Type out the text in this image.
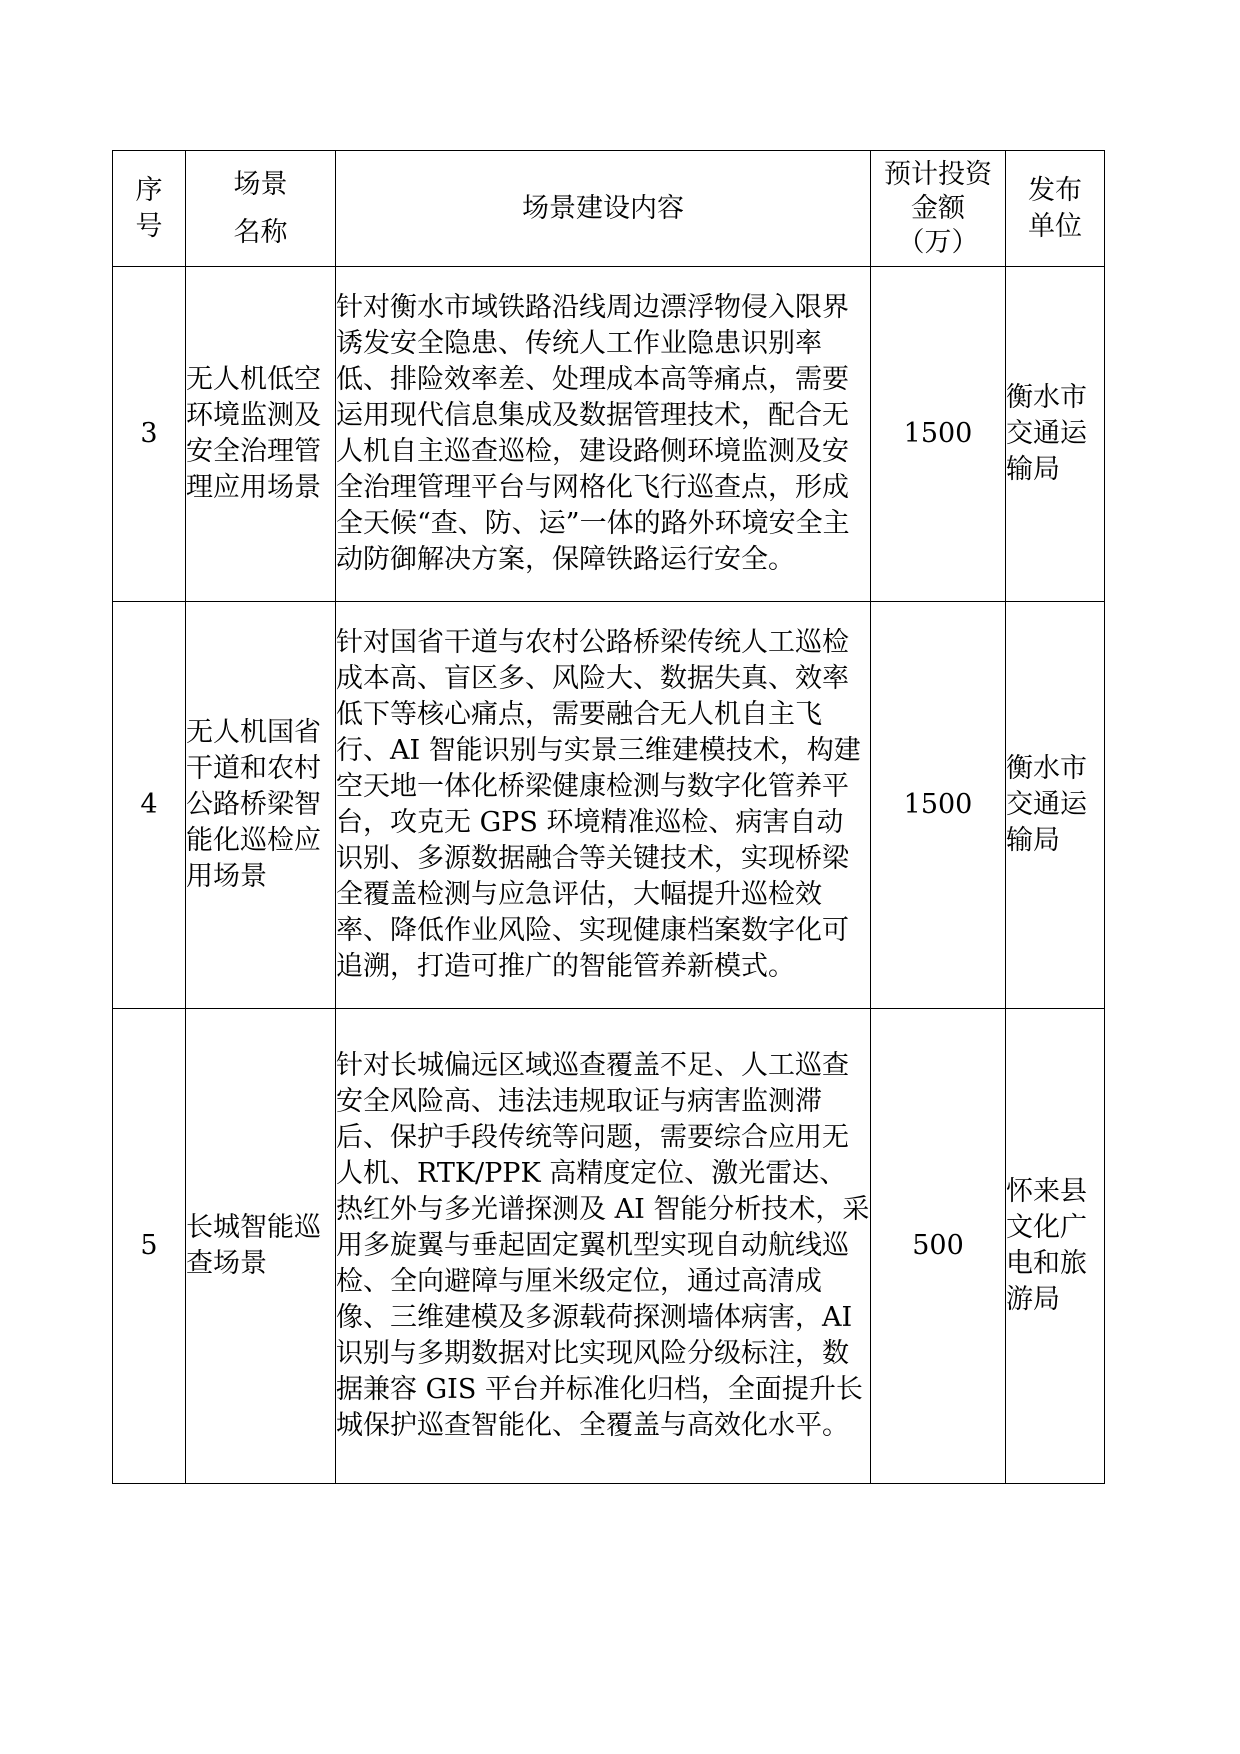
序号	场景名称	场景建设内容	预计投资金额（万）	发布单位

3	无人机低空环境监测及安全治理管理应用场景	针对衡水市域铁路沿线周边漂浮物侵入限界诱发安全隐患、传统人工作业隐患识别率低、排险效率差、处理成本高等痛点，需要运用现代信息集成及数据管理技术，配合无人机自主巡查巡检，建设路侧环境监测及安全治理管理平台与网格化飞行巡查点，形成全天候“查、防、运”一体的路外环境安全主动防御解决方案，保障铁路运行安全。	1500	衡水市交通运输局

4	无人机国省干道和农村公路桥梁智能化巡检应用场景	针对国省干道与农村公路桥梁传统人工巡检成本高、盲区多、风险大、数据失真、效率低下等核心痛点，需要融合无人机自主飞行、AI 智能识别与实景三维建模技术，构建空天地一体化桥梁健康检测与数字化管养平台，攻克无 GPS 环境精准巡检、病害自动识别、多源数据融合等关键技术，实现桥梁全覆盖检测与应急评估，大幅提升巡检效率、降低作业风险、实现健康档案数字化可追溯，打造可推广的智能管养新模式。	1500	衡水市交通运输局

5	长城智能巡查场景	针对长城偏远区域巡查覆盖不足、人工巡查安全风险高、违法违规取证与病害监测滞后、保护手段传统等问题，需要综合应用无人机、RTK/PPK 高精度定位、激光雷达、热红外与多光谱探测及 AI 智能分析技术，采用多旋翼与垂起固定翼机型实现自动航线巡检、全向避障与厘米级定位，通过高清成像、三维建模及多源载荷探测墙体病害，AI 识别与多期数据对比实现风险分级标注，数据兼容 GIS 平台并标准化归档，全面提升长城保护巡查智能化、全覆盖与高效化水平。	500	怀来县文化广电和旅游局
